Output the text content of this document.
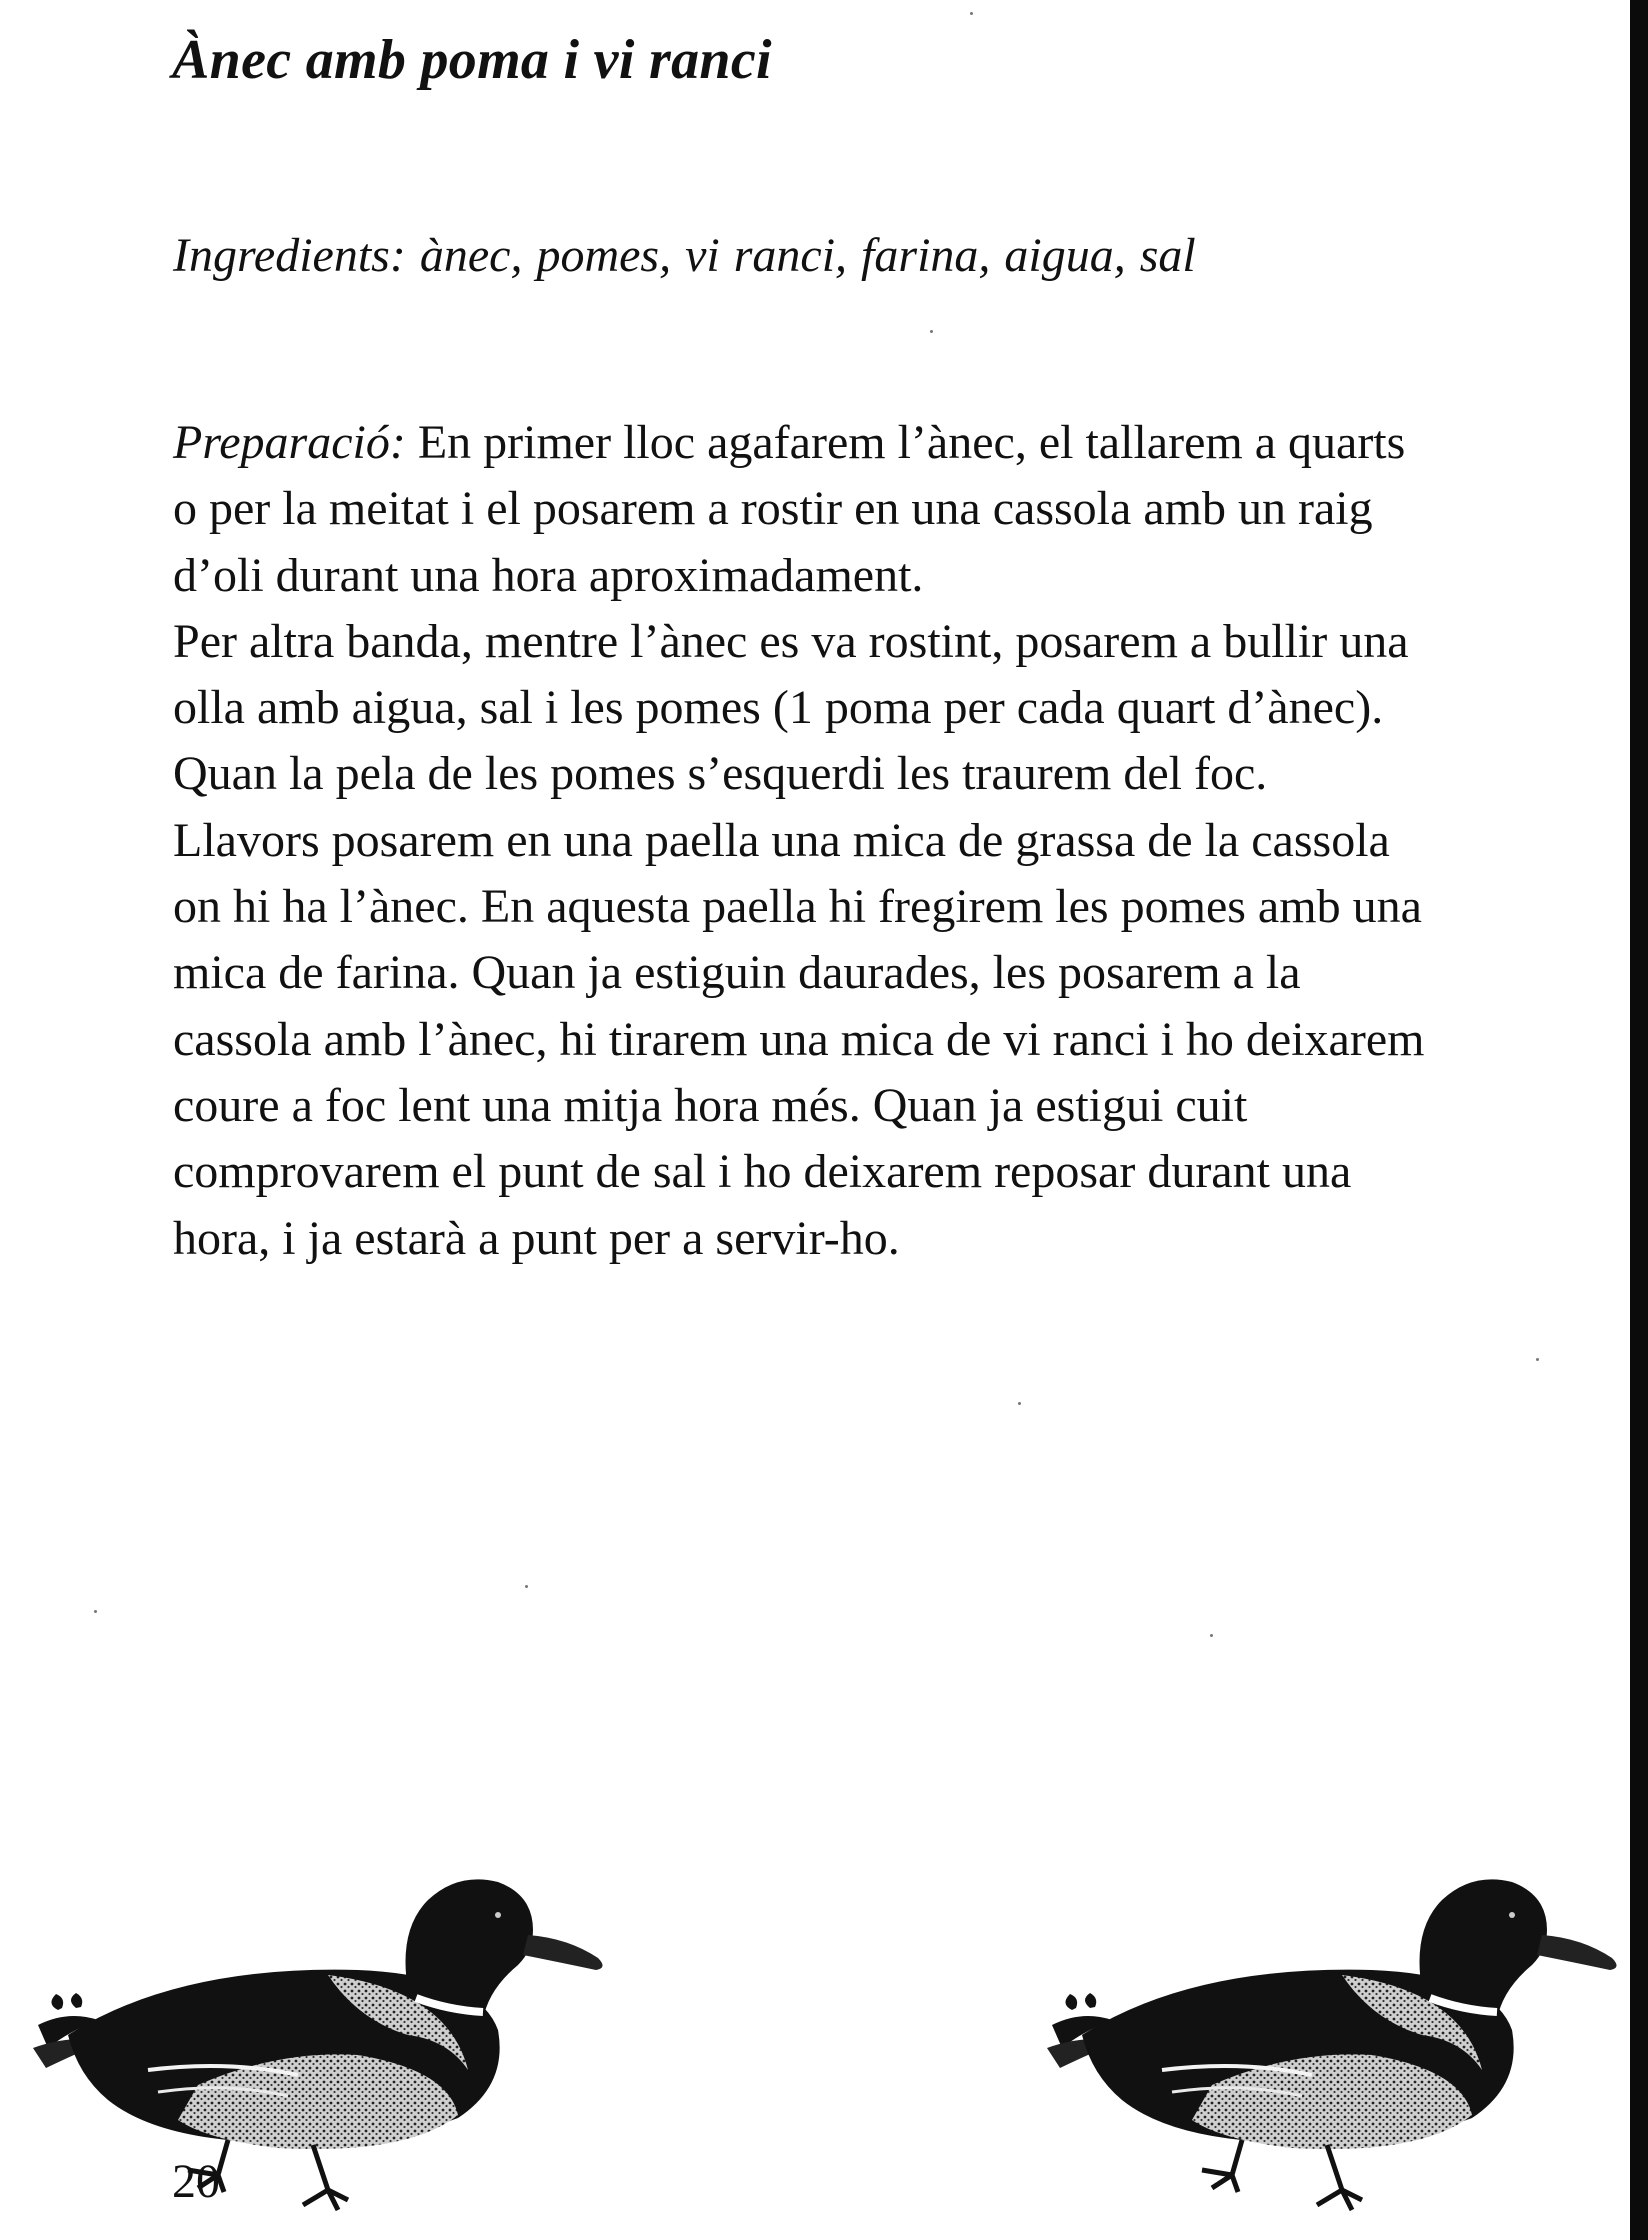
Ànec amb poma i vi ranci

Ingredients: ànec, pomes, vi ranci, farina, aigua, sal

Preparació: En primer lloc agafarem l’ànec, el tallarem a quarts o per la meitat i el posarem a rostir en una cassola amb un raig d’oli durant una hora aproximadament.

Per altra banda, mentre l’ànec es va rostint, posarem a bullir una olla amb aigua, sal i les pomes (1 poma per cada quart d’ànec). Quan la pela de les pomes s’esquerdi les traurem del foc.

Llavors posarem en una paella una mica de grassa de la cassola on hi ha l’ànec. En aquesta paella hi fregirem les pomes amb una mica de farina. Quan ja estiguin daurades, les posarem a la cassola amb l’ànec, hi tirarem una mica de vi ranci i ho deixarem coure a foc lent una mitja hora més. Quan ja estigui cuit comprovarem el punt de sal i ho deixarem reposar durant una hora, i ja estarà a punt per a servir-ho.

20
